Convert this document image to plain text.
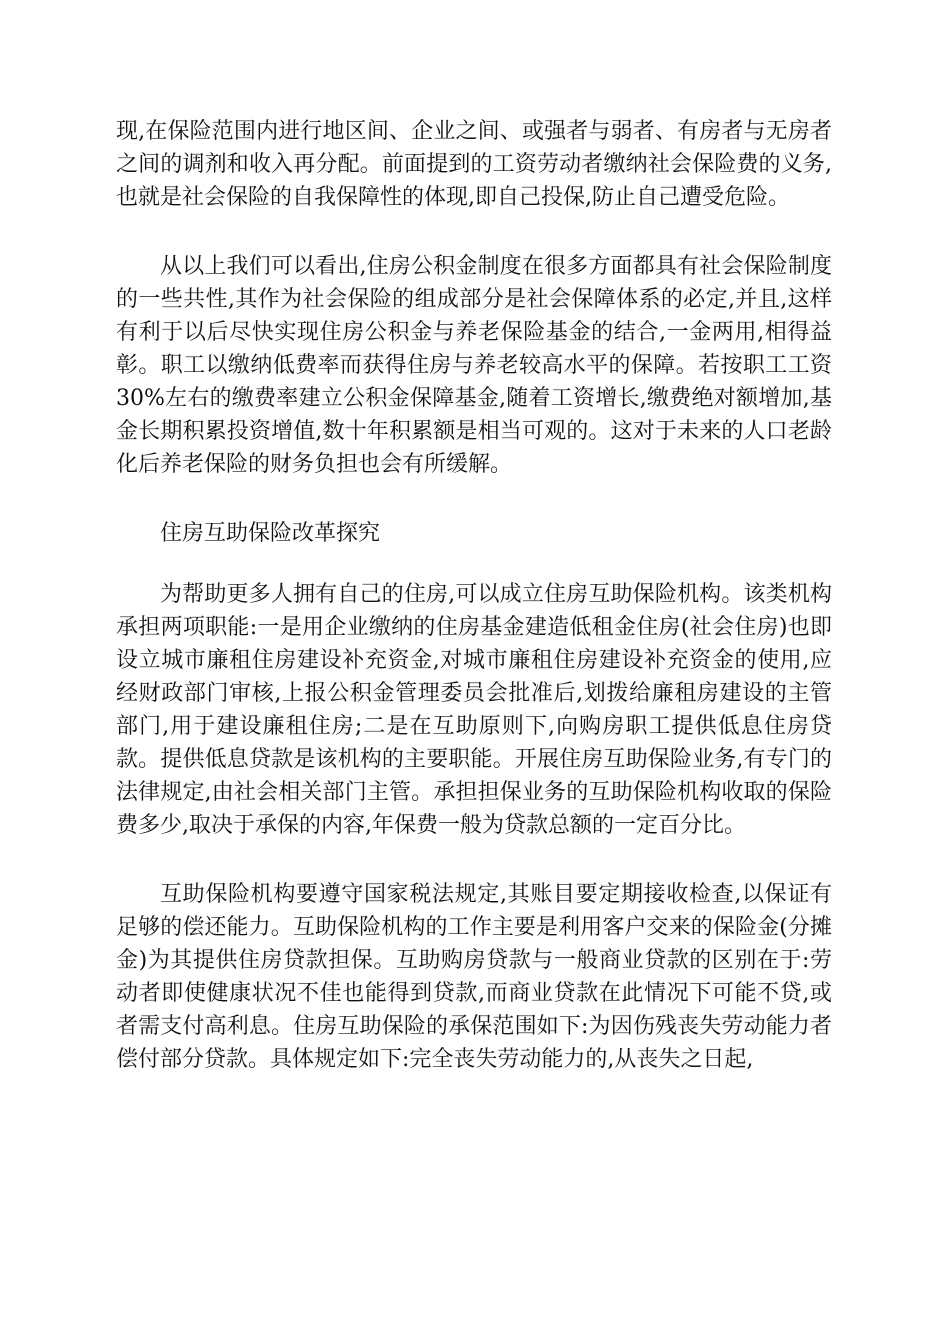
现,在保险范围内进行地区间、企业之间、或强者与弱者、有房者与无房者之间的调剂和收入再分配。前面提到的工资劳动者缴纳社会保险费的义务,也就是社会保险的自我保障性的体现,即自己投保,防止自己遭受危险。

从以上我们可以看出,住房公积金制度在很多方面都具有社会保险制度的一些共性,其作为社会保险的组成部分是社会保障体系的必定,并且,这样有利于以后尽快实现住房公积金与养老保险基金的结合,一金两用,相得益彰。职工以缴纳低费率而获得住房与养老较高水平的保障。若按职工工资 30%左右的缴费率建立公积金保障基金,随着工资增长,缴费绝对额增加,基金长期积累投资增值,数十年积累额是相当可观的。这对于未来的人口老龄化后养老保险的财务负担也会有所缓解。

住房互助保险改革探究

为帮助更多人拥有自己的住房,可以成立住房互助保险机构。该类机构承担两项职能:一是用企业缴纳的住房基金建造低租金住房(社会住房)也即设立城市廉租住房建设补充资金,对城市廉租住房建设补充资金的使用,应经财政部门审核,上报公积金管理委员会批准后,划拨给廉租房建设的主管部门,用于建设廉租住房;二是在互助原则下,向购房职工提供低息住房贷款。提供低息贷款是该机构的主要职能。开展住房互助保险业务,有专门的法律规定,由社会相关部门主管。承担担保业务的互助保险机构收取的保险费多少,取决于承保的内容,年保费一般为贷款总额的一定百分比。

互助保险机构要遵守国家税法规定,其账目要定期接收检查,以保证有足够的偿还能力。互助保险机构的工作主要是利用客户交来的保险金(分摊金)为其提供住房贷款担保。互助购房贷款与一般商业贷款的区别在于:劳动者即使健康状况不佳也能得到贷款,而商业贷款在此情况下可能不贷,或者需支付高利息。住房互助保险的承保范围如下:为因伤残丧失劳动能力者偿付部分贷款。具体规定如下:完全丧失劳动能力的,从丧失之日起,
